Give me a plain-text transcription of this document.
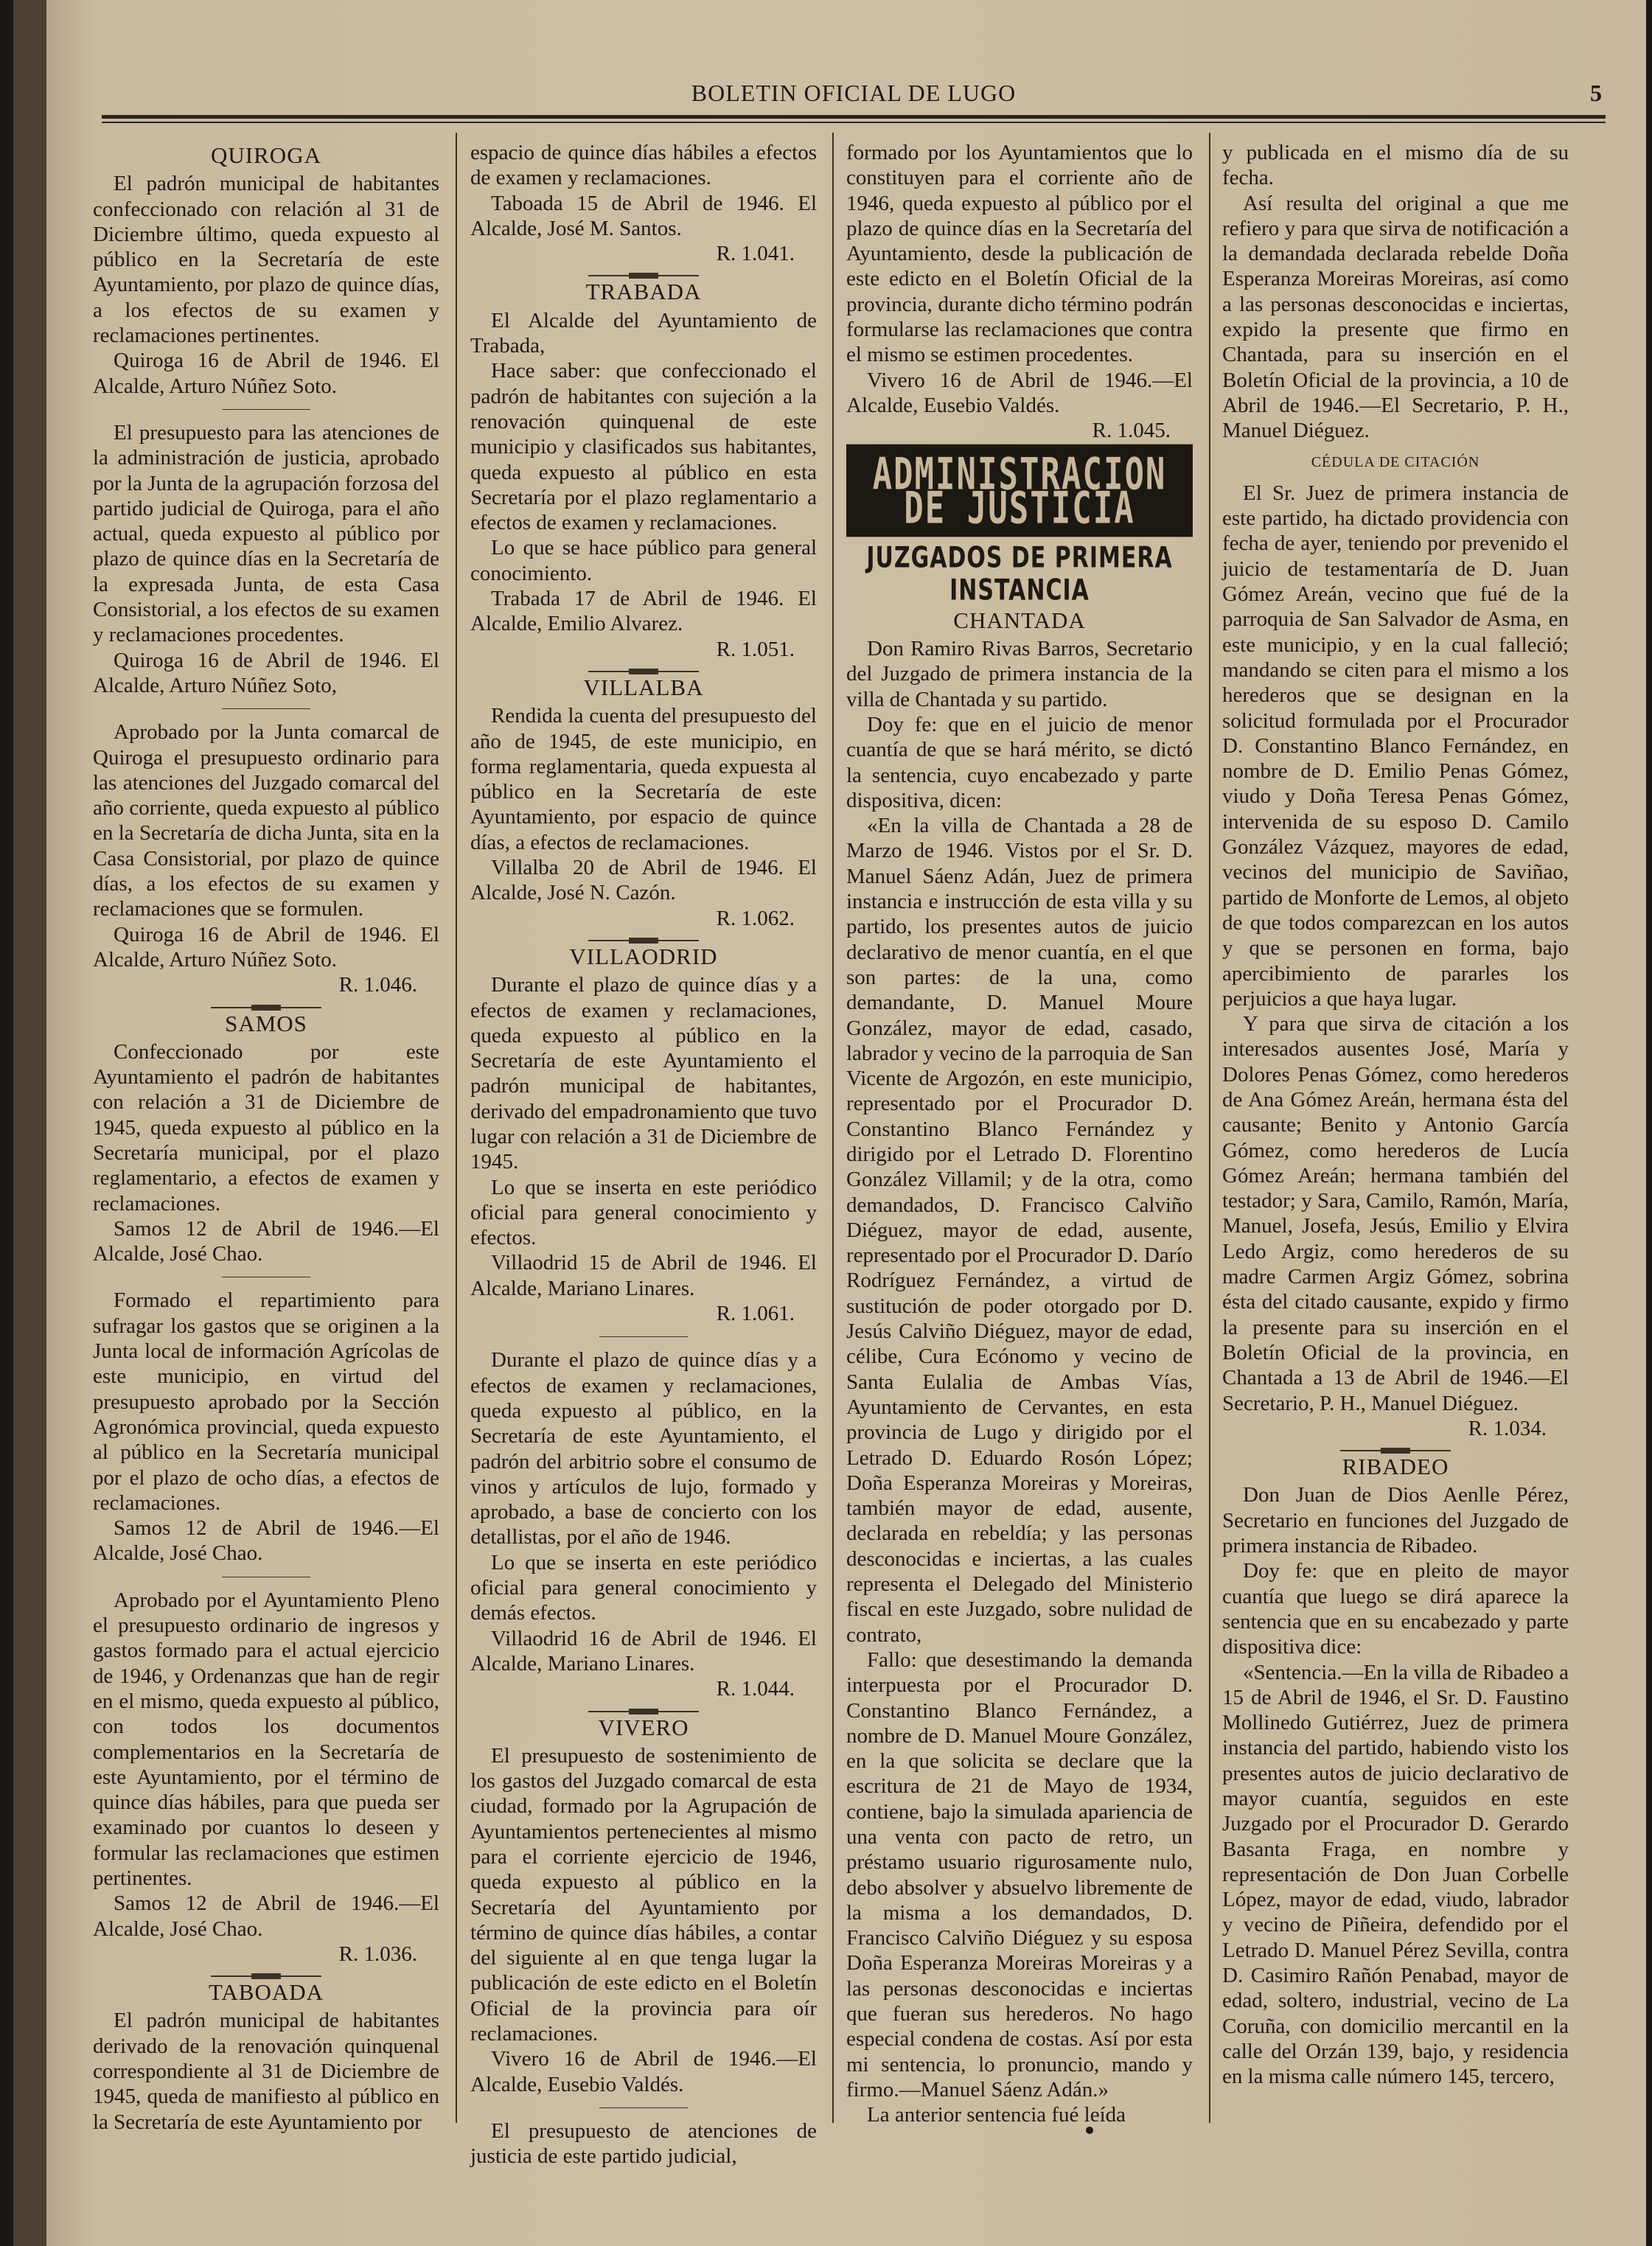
BOLETIN OFICIAL DE LUGO	5

QUIROGA

El padrón municipal de habitantes confeccionado con relación al 31 de Diciembre último, queda expuesto al público en la Secretaría de este Ayuntamiento, por plazo de quince días, a los efectos de su examen y reclamaciones pertinentes.

Quiroga 16 de Abril de 1946. El Alcalde, Arturo Núñez Soto.

El presupuesto para las atenciones de la administración de justicia, aprobado por la Junta de la agrupación forzosa del partido judicial de Quiroga, para el año actual, queda expuesto al público por plazo de quince días en la Secretaría de la expresada Junta, de esta Casa Consistorial, a los efectos de su examen y reclamaciones procedentes.

Quiroga 16 de Abril de 1946. El Alcalde, Arturo Núñez Soto,

Aprobado por la Junta comarcal de Quiroga el presupuesto ordinario para las atenciones del Juzgado comarcal del año corriente, queda expuesto al público en la Secretaría de dicha Junta, sita en la Casa Consistorial, por plazo de quince días, a los efectos de su examen y reclamaciones que se formulen.

Quiroga 16 de Abril de 1946. El Alcalde, Arturo Núñez Soto.

R. 1.046.

SAMOS

Confeccionado por este Ayuntamiento el padrón de habitantes con relación a 31 de Diciembre de 1945, queda expuesto al público en la Secretaría municipal, por el plazo reglamentario, a efectos de examen y reclamaciones.

Samos 12 de Abril de 1946.—El Alcalde, José Chao.

Formado el repartimiento para sufragar los gastos que se originen a la Junta local de información Agrícolas de este municipio, en virtud del presupuesto aprobado por la Sección Agronómica provincial, queda expuesto al público en la Secretaría municipal por el plazo de ocho días, a efectos de reclamaciones.

Samos 12 de Abril de 1946.—El Alcalde, José Chao.

Aprobado por el Ayuntamiento Pleno el presupuesto ordinario de ingresos y gastos formado para el actual ejercicio de 1946, y Ordenanzas que han de regir en el mismo, queda expuesto al público, con todos los documentos complementarios en la Secretaría de este Ayuntamiento, por el término de quince días hábiles, para que pueda ser examinado por cuantos lo deseen y formular las reclamaciones que estimen pertinentes.

Samos 12 de Abril de 1946.—El Alcalde, José Chao.

R. 1.036.

TABOADA

El padrón municipal de habitantes derivado de la renovación quinquenal correspondiente al 31 de Diciembre de 1945, queda de manifiesto al público en la Secretaría de este Ayuntamiento por

espacio de quince días hábiles a efectos de examen y reclamaciones.

Taboada 15 de Abril de 1946. El Alcalde, José M. Santos.

R. 1.041.

TRABADA

El Alcalde del Ayuntamiento de Trabada,

Hace saber: que confeccionado el padrón de habitantes con sujeción a la renovación quinquenal de este municipio y clasificados sus habitantes, queda expuesto al público en esta Secretaría por el plazo reglamentario a efectos de examen y reclamaciones.

Lo que se hace público para general conocimiento.

Trabada 17 de Abril de 1946. El Alcalde, Emilio Alvarez.

R. 1.051.

VILLALBA

Rendida la cuenta del presupuesto del año de 1945, de este municipio, en forma reglamentaria, queda expuesta al público en la Secretaría de este Ayuntamiento, por espacio de quince días, a efectos de reclamaciones.

Villalba 20 de Abril de 1946. El Alcalde, José N. Cazón.

R. 1.062.

VILLAODRID

Durante el plazo de quince días y a efectos de examen y reclamaciones, queda expuesto al público en la Secretaría de este Ayuntamiento el padrón municipal de habitantes, derivado del empadronamiento que tuvo lugar con relación a 31 de Diciembre de 1945.

Lo que se inserta en este periódico oficial para general conocimiento y efectos.

Villaodrid 15 de Abril de 1946. El Alcalde, Mariano Linares.

R. 1.061.

Durante el plazo de quince días y a efectos de examen y reclamaciones, queda expuesto al público, en la Secretaría de este Ayuntamiento, el padrón del arbitrio sobre el consumo de vinos y artículos de lujo, formado y aprobado, a base de concierto con los detallistas, por el año de 1946.

Lo que se inserta en este periódico oficial para general conocimiento y demás efectos.

Villaodrid 16 de Abril de 1946. El Alcalde, Mariano Linares.

R. 1.044.

VIVERO

El presupuesto de sostenimiento de los gastos del Juzgado comarcal de esta ciudad, formado por la Agrupación de Ayuntamientos pertenecientes al mismo para el corriente ejercicio de 1946, queda expuesto al público en la Secretaría del Ayuntamiento por término de quince días hábiles, a contar del siguiente al en que tenga lugar la publicación de este edicto en el Boletín Oficial de la provincia para oír reclamaciones.

Vivero 16 de Abril de 1946.—El Alcalde, Eusebio Valdés.

El presupuesto de atenciones de justicia de este partido judicial,

formado por los Ayuntamientos que lo constituyen para el corriente año de 1946, queda expuesto al público por el plazo de quince días en la Secretaría del Ayuntamiento, desde la publicación de este edicto en el Boletín Oficial de la provincia, durante dicho término podrán formularse las reclamaciones que contra el mismo se estimen procedentes.

Vivero 16 de Abril de 1946.—El Alcalde, Eusebio Valdés.

R. 1.045.

ADMINISTRACION DE JUSTICIA
JUZGADOS DE PRIMERA INSTANCIA

CHANTADA

Don Ramiro Rivas Barros, Secretario del Juzgado de primera instancia de la villa de Chantada y su partido.

Doy fe: que en el juicio de menor cuantía de que se hará mérito, se dictó la sentencia, cuyo encabezado y parte dispositiva, dicen:

«En la villa de Chantada a 28 de Marzo de 1946. Vistos por el Sr. D. Manuel Sáenz Adán, Juez de primera instancia e instrucción de esta villa y su partido, los presentes autos de juicio declarativo de menor cuantía, en el que son partes: de la una, como demandante, D. Manuel Moure González, mayor de edad, casado, labrador y vecino de la parroquia de San Vicente de Argozón, en este municipio, representado por el Procurador D. Constantino Blanco Fernández y dirigido por el Letrado D. Florentino González Villamil; y de la otra, como demandados, D. Francisco Calviño Diéguez, mayor de edad, ausente, representado por el Procurador D. Darío Rodríguez Fernández, a virtud de sustitución de poder otorgado por D. Jesús Calviño Diéguez, mayor de edad, célibe, Cura Ecónomo y vecino de Santa Eulalia de Ambas Vías, Ayuntamiento de Cervantes, en esta provincia de Lugo y dirigido por el Letrado D. Eduardo Rosón López; Doña Esperanza Moreiras y Moreiras, también mayor de edad, ausente, declarada en rebeldía; y las personas desconocidas e inciertas, a las cuales representa el Delegado del Ministerio fiscal en este Juzgado, sobre nulidad de contrato,

Fallo: que desestimando la demanda interpuesta por el Procurador D. Constantino Blanco Fernández, a nombre de D. Manuel Moure González, en la que solicita se declare que la escritura de 21 de Mayo de 1934, contiene, bajo la simulada apariencia de una venta con pacto de retro, un préstamo usuario rigurosamente nulo, debo absolver y absuelvo libremente de la misma a los demandados, D. Francisco Calviño Diéguez y su esposa Doña Esperanza Moreiras Moreiras y a las personas desconocidas e inciertas que fueran sus herederos. No hago especial condena de costas. Así por esta mi sentencia, lo pronuncio, mando y firmo.—Manuel Sáenz Adán.»

La anterior sentencia fué leída

y publicada en el mismo día de su fecha.

Así resulta del original a que me refiero y para que sirva de notificación a la demandada declarada rebelde Doña Esperanza Moreiras Moreiras, así como a las personas desconocidas e inciertas, expido la presente que firmo en Chantada, para su inserción en el Boletín Oficial de la provincia, a 10 de Abril de 1946.—El Secretario, P. H., Manuel Diéguez.

CÉDULA DE CITACIÓN

El Sr. Juez de primera instancia de este partido, ha dictado providencia con fecha de ayer, teniendo por prevenido el juicio de testamentaría de D. Juan Gómez Areán, vecino que fué de la parroquia de San Salvador de Asma, en este municipio, y en la cual falleció; mandando se citen para el mismo a los herederos que se designan en la solicitud formulada por el Procurador D. Constantino Blanco Fernández, en nombre de D. Emilio Penas Gómez, viudo y Doña Teresa Penas Gómez, intervenida de su esposo D. Camilo González Vázquez, mayores de edad, vecinos del municipio de Saviñao, partido de Monforte de Lemos, al objeto de que todos comparezcan en los autos y que se personen en forma, bajo apercibimiento de pararles los perjuicios a que haya lugar.

Y para que sirva de citación a los interesados ausentes José, María y Dolores Penas Gómez, como herederos de Ana Gómez Areán, hermana ésta del causante; Benito y Antonio García Gómez, como herederos de Lucía Gómez Areán; hermana también del testador; y Sara, Camilo, Ramón, María, Manuel, Josefa, Jesús, Emilio y Elvira Ledo Argiz, como herederos de su madre Carmen Argiz Gómez, sobrina ésta del citado causante, expido y firmo la presente para su inserción en el Boletín Oficial de la provincia, en Chantada a 13 de Abril de 1946.—El Secretario, P. H., Manuel Diéguez.

R. 1.034.

RIBADEO

Don Juan de Dios Aenlle Pérez, Secretario en funciones del Juzgado de primera instancia de Ribadeo.

Doy fe: que en pleito de mayor cuantía que luego se dirá aparece la sentencia que en su encabezado y parte dispositiva dice:

«Sentencia.—En la villa de Ribadeo a 15 de Abril de 1946, el Sr. D. Faustino Mollinedo Gutiérrez, Juez de primera instancia del partido, habiendo visto los presentes autos de juicio declarativo de mayor cuantía, seguidos en este Juzgado por el Procurador D. Gerardo Basanta Fraga, en nombre y representación de Don Juan Corbelle López, mayor de edad, viudo, labrador y vecino de Piñeira, defendido por el Letrado D. Manuel Pérez Sevilla, contra D. Casimiro Rañón Penabad, mayor de edad, soltero, industrial, vecino de La Coruña, con domicilio mercantil en la calle del Orzán 139, bajo, y residencia en la misma calle número 145, tercero,
